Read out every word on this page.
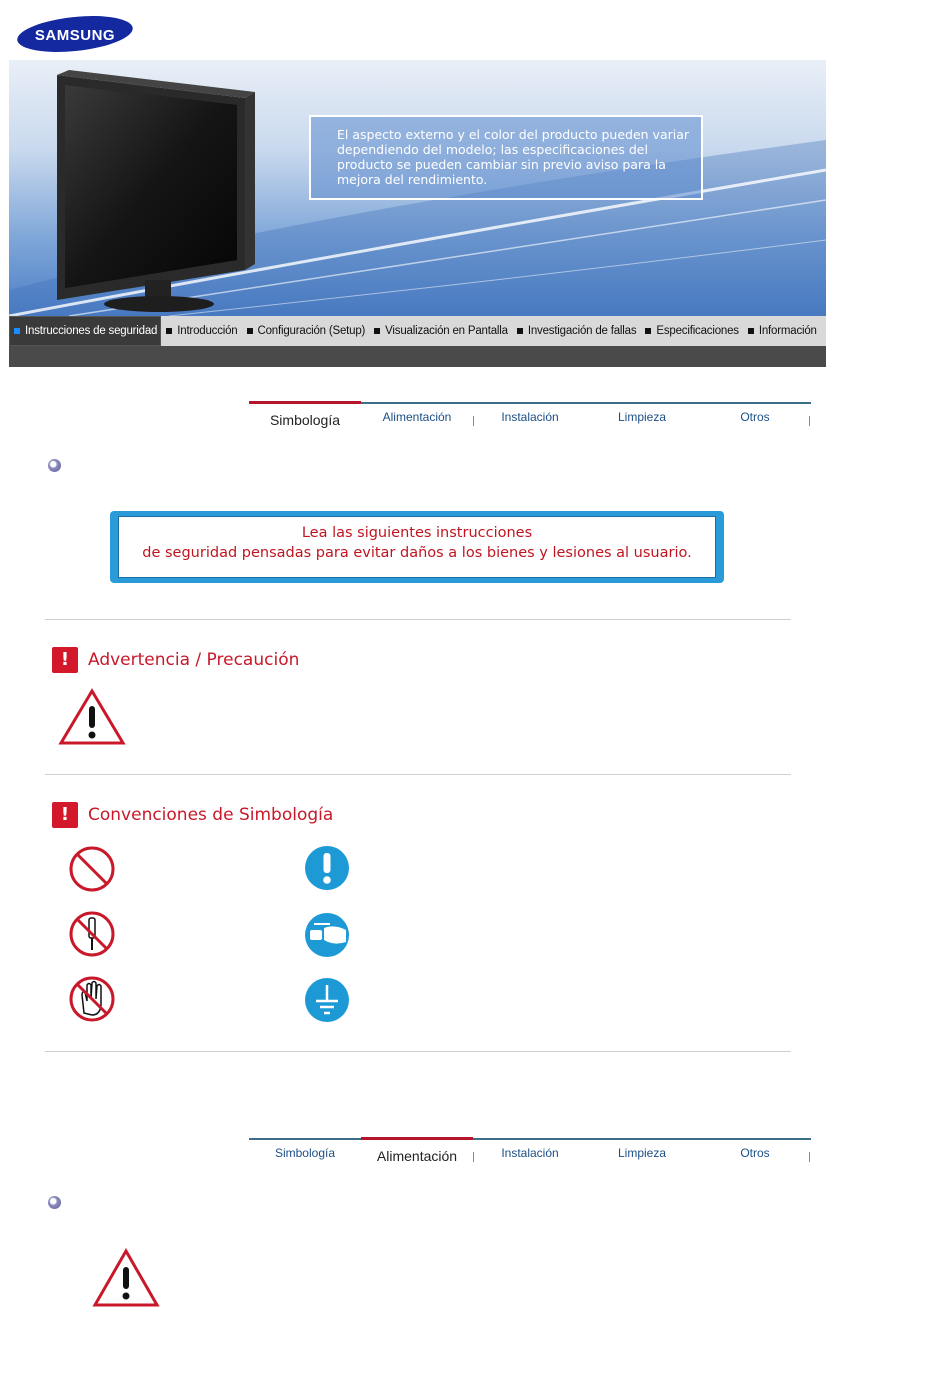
SAMSUNG
El aspecto externo y el color del producto pueden variar dependiendo del modelo; las especificaciones del producto se pueden cambiar sin previo aviso para la mejora del rendimiento.
Instrucciones de seguridad Introducción Configuración (Setup) Visualización en Pantalla Investigación de fallas Especificaciones Información
Simbología	Alimentación	Instalación	Limpieza	Otros
Lea las siguientes instrucciones
de seguridad pensadas para evitar daños a los bienes y lesiones al usuario.
!	Advertencia / Precaución
!	Convenciones de Simbología
Simbología	Alimentación	Instalación	Limpieza	Otros
